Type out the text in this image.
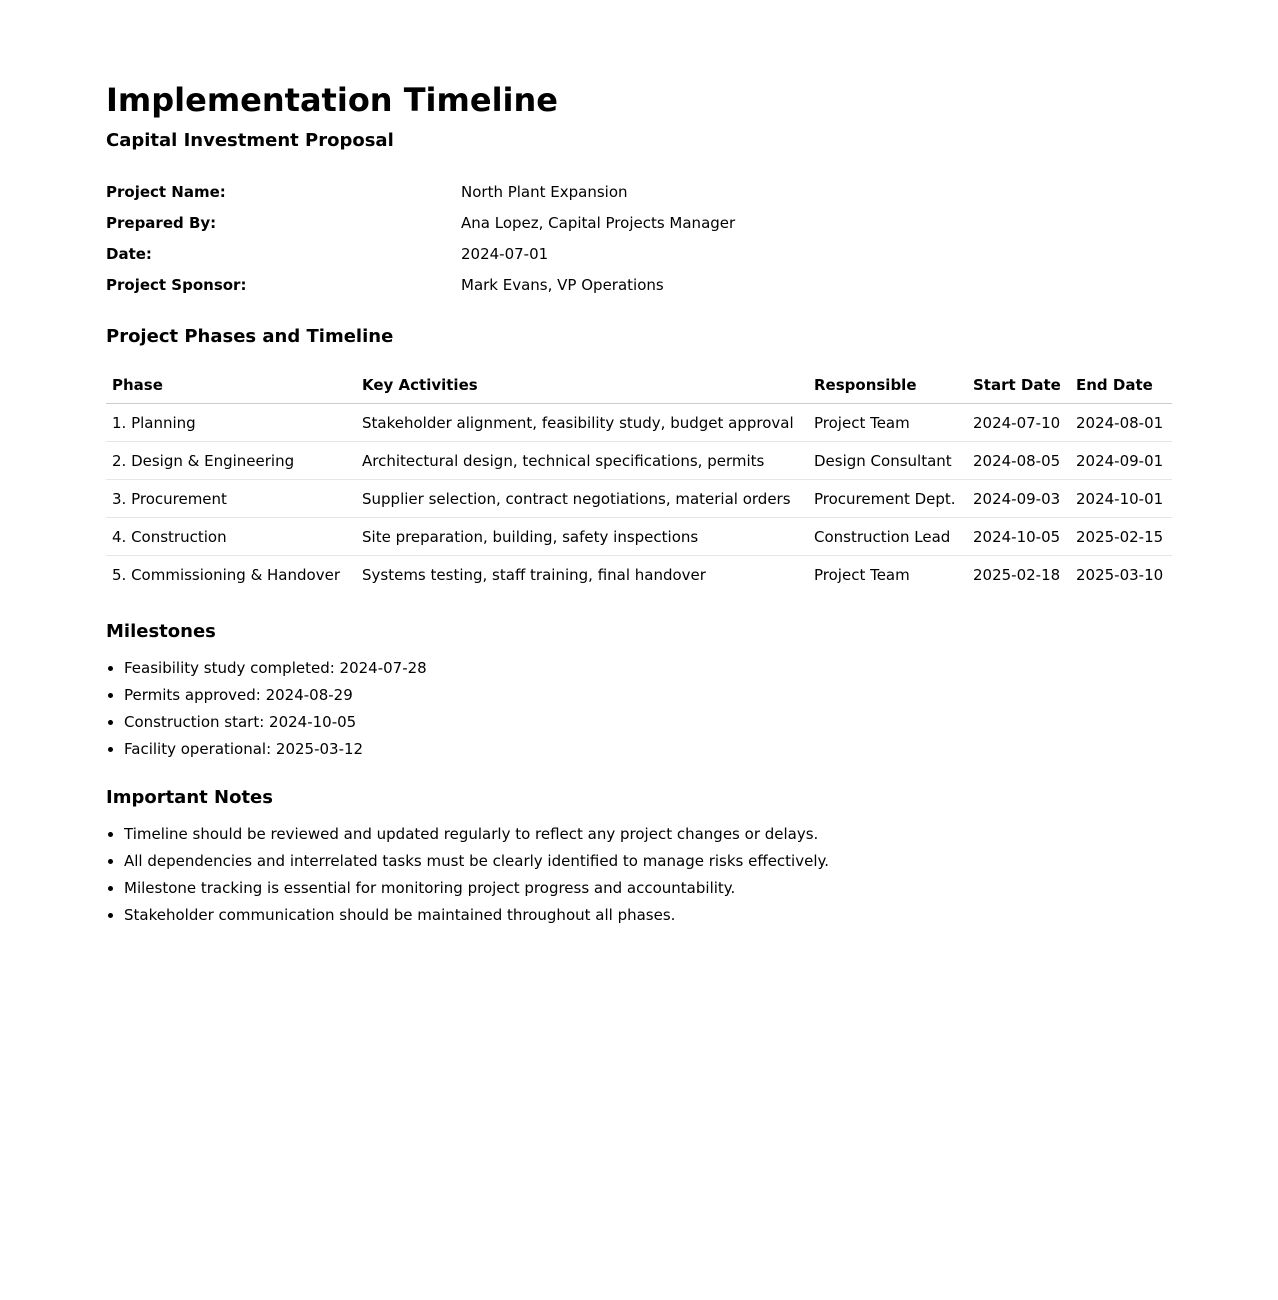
Implementation Timeline
Capital Investment Proposal
Project Name:	North Plant Expansion
Prepared By:	Ana Lopez, Capital Projects Manager
Date:	2024-07-01
Project Sponsor:	Mark Evans, VP Operations
Project Phases and Timeline
Phase	Key Activities	Responsible	Start Date	End Date
1. Planning	Stakeholder alignment, feasibility study, budget approval	Project Team	2024-07-10	2024-08-01
2. Design & Engineering	Architectural design, technical specifications, permits	Design Consultant	2024-08-05	2024-09-01
3. Procurement	Supplier selection, contract negotiations, material orders	Procurement Dept.	2024-09-03	2024-10-01
4. Construction	Site preparation, building, safety inspections	Construction Lead	2024-10-05	2025-02-15
5. Commissioning & Handover	Systems testing, staff training, final handover	Project Team	2025-02-18	2025-03-10
Milestones
• Feasibility study completed: 2024-07-28
• Permits approved: 2024-08-29
• Construction start: 2024-10-05
• Facility operational: 2025-03-12
Important Notes
• Timeline should be reviewed and updated regularly to reflect any project changes or delays.
• All dependencies and interrelated tasks must be clearly identified to manage risks effectively.
• Milestone tracking is essential for monitoring project progress and accountability.
• Stakeholder communication should be maintained throughout all phases.
